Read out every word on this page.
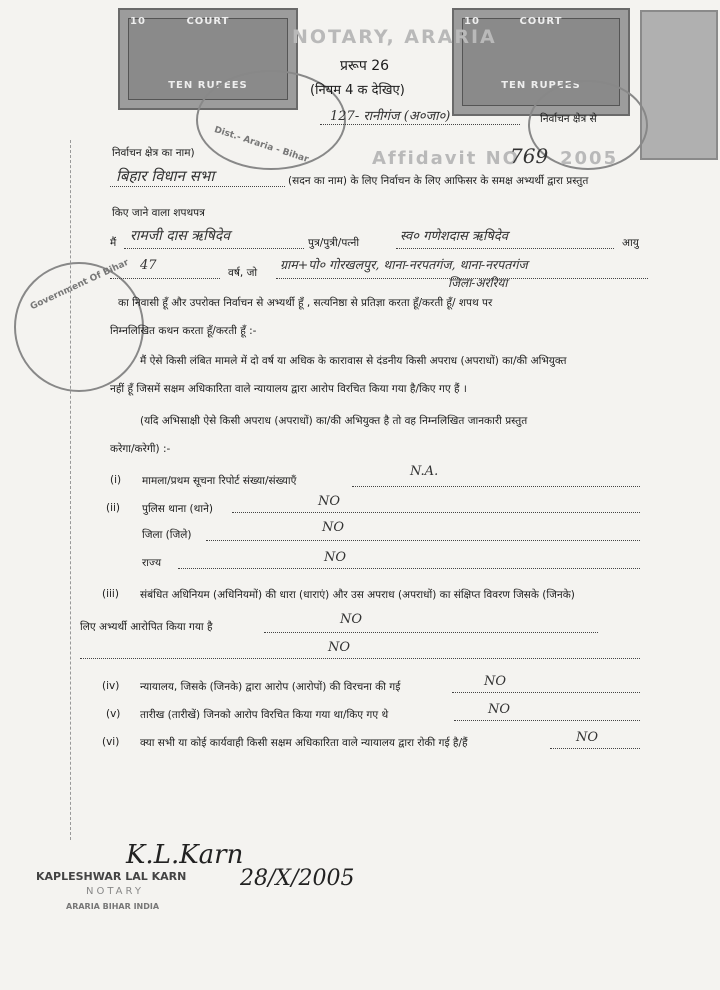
10	COURT
TEN RUPEES
10	COURT
TEN RUPEES
NOTARY, ARARIA
Dist.- Araria - Bihar
Government Of Bihar
Affidavit NO
769 2005
प्ररूप 26
(नियम 4 क देखिए)
127- रानीगंज (अ०जा०)	निर्वाचन क्षेत्र से
निर्वाचन क्षेत्र का नाम)
बिहार विधान सभा	(सदन का नाम) के लिए निर्वाचन के लिए आफिसर के समक्ष अभ्यर्थी द्वारा प्रस्तुत
किए जाने वाला शपथपत्र
मैं रामजी दास ऋषिदेव	पुत्र/पुत्री/पत्नी	स्व० गणेशदास ऋषिदेव	आयु
47	वर्ष, जो
ग्राम+पो० गोरखलपुर, थाना-नरपतगंज, थाना-नरपतगंज
जिला-अररिया
का निवासी हूँ और उपरोक्त निर्वाचन से अभ्यर्थी हूँ , सत्यनिष्ठा से प्रतिज्ञा करता हूँ/करती हूँ/ शपथ पर
निम्नलिखित कथन करता हूँ/करती हूँ :-
मैं ऐसे किसी लंबित मामले में दो वर्ष या अधिक के कारावास से दंडनीय किसी अपराध (अपराधों) का/की अभियुक्त
नहीं हूँ जिसमें सक्षम अधिकारिता वाले न्यायालय द्वारा आरोप विरचित किया गया है/किए गए हैं ।
(यदि अभिसाक्षी ऐसे किसी अपराध (अपराधों) का/की अभियुक्त है तो वह निम्नलिखित जानकारी प्रस्तुत
करेगा/करेगी) :-
(i) मामला/प्रथम सूचना रिपोर्ट संख्या/संख्याएँ
N.A.
(ii) पुलिस थाना (थाने)	NO
जिला (जिले)	NO
राज्य	NO
(iii) संबंधित अधिनियम (अधिनियमों) की धारा (धाराएं) और उस अपराध (अपराधों) का संक्षिप्त विवरण जिसके (जिनके)
लिए अभ्यर्थी आरोपित किया गया है	NO
NO
(iv) न्यायालय, जिसके (जिनके) द्वारा आरोप (आरोपों) की विरचना की गई	NO
(v) तारीख (तारीखें) जिनको आरोप विरचित किया गया था/किए गए थे	NO
(vi) क्या सभी या कोई कार्यवाही किसी सक्षम अधिकारिता वाले न्यायालय द्वारा रोकी गई है/हैं	NO
K.L.Karn
28/X/2005
KAPLESHWAR LAL KARN
NOTARY
ARARIA BIHAR INDIA
